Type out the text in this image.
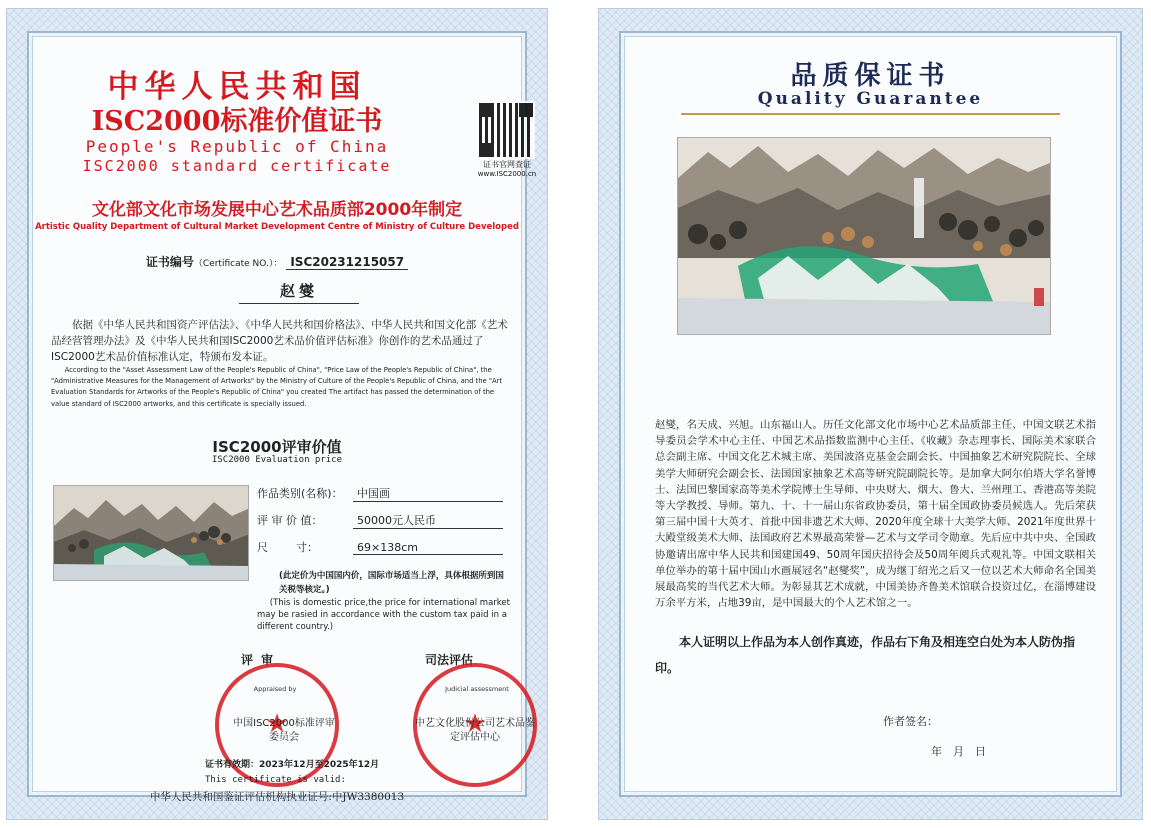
中华人民共和国
ISC2000标准价值证书
People's Republic of China
ISC2000 standard certificate	证书官网查证
www.ISC2000.cn
文化部文化市场发展中心艺术品质部2000年制定
Artistic Quality Department of Cultural Market Development Centre of Ministry of Culture Developed
证书编号（Certificate NO.）： ISC20231215057
赵燮
依据《中华人民共和国资产评估法》、《中华人民共和国价格法》、中华人民共和国文化部《艺术品经营管理办法》及《中华人民共和国ISC2000艺术品价值评估标准》你创作的艺术品通过了ISC2000艺术品价值标准认定，特颁布发本证。
According to the "Asset Assessment Law of the People's Republic of China", "Price Law of the People's Republic of China", the "Administrative Measures for the Management of Artworks" by the Ministry of Culture of the People's Republic of China, and the "Art Evaluation Standards for Artworks of the People's Republic of China" you created The artifact has passed the determination of the value standard of ISC2000 artworks, and this certificate is specially issued.
ISC2000评审价值
ISC2000 Evaluation price
作品类别(名称)： 中国画
评 审 价 值：	50000元人民币
尺        寸：	69×138cm
(此定价为中国国内价，国际市场适当上浮，具体根据所到国关税等核定。)
(This is domestic price,the price for international market may be rasied in accordance with the custom tax paid in a different country.)
评审	司法评估
★
★
Appraised by	Judicial assessment
中国ISC2000标准评审委员会
中艺文化股份公司艺术品鉴定评估中心
证书有效期：2023年12月至2025年12月
This certificate is valid:
中华人民共和国鉴证评估机构执业证号:中JW3380013
品质保证书
Quality Guarantee
赵燮，名天成、兴旭。山东福山人。历任文化部文化市场中心艺术品质部主任、中国文联艺术指导委员会学术中心主任、中国艺术品指数监测中心主任、《收藏》杂志理事长、国际美术家联合总会副主席、中国文化艺术城主席、美国波洛克基金会副会长、中国抽象艺术研究院院长、全球美学大师研究会副会长、法国国家抽象艺术高等研究院副院长等。是加拿大阿尔伯塔大学名誉博士、法国巴黎国家高等美术学院博士生导师、中央财大、烟大、鲁大、兰州理工、香港高等美院等大学教授、导师。第九、十、十一届山东省政协委员，第十届全国政协委员候选人。先后荣获第三届中国十大英才、首批中国非遗艺术大师、2020年度全球十大美学大师、2021年度世界十大殿堂级美术大师、法国政府艺术界最高荣誉—艺术与文学司令勋章。先后应中共中央、全国政协邀请出席中华人民共和国建国49、50周年国庆招待会及50周年阅兵式观礼等。中国文联相关单位举办的第十届中国山水画展冠名“赵燮奖”，成为继丁绍光之后又一位以艺术大师命名全国美展最高奖的当代艺术大师。为彰显其艺术成就，中国美协齐鲁美术馆联合投资过亿，在淄博建设万余平方米，占地39亩，是中国最大的个人艺术馆之一。
本人证明以上作品为本人创作真迹，作品右下角及相连空白处为本人防伪指印。
作者签名：
年　月　日
